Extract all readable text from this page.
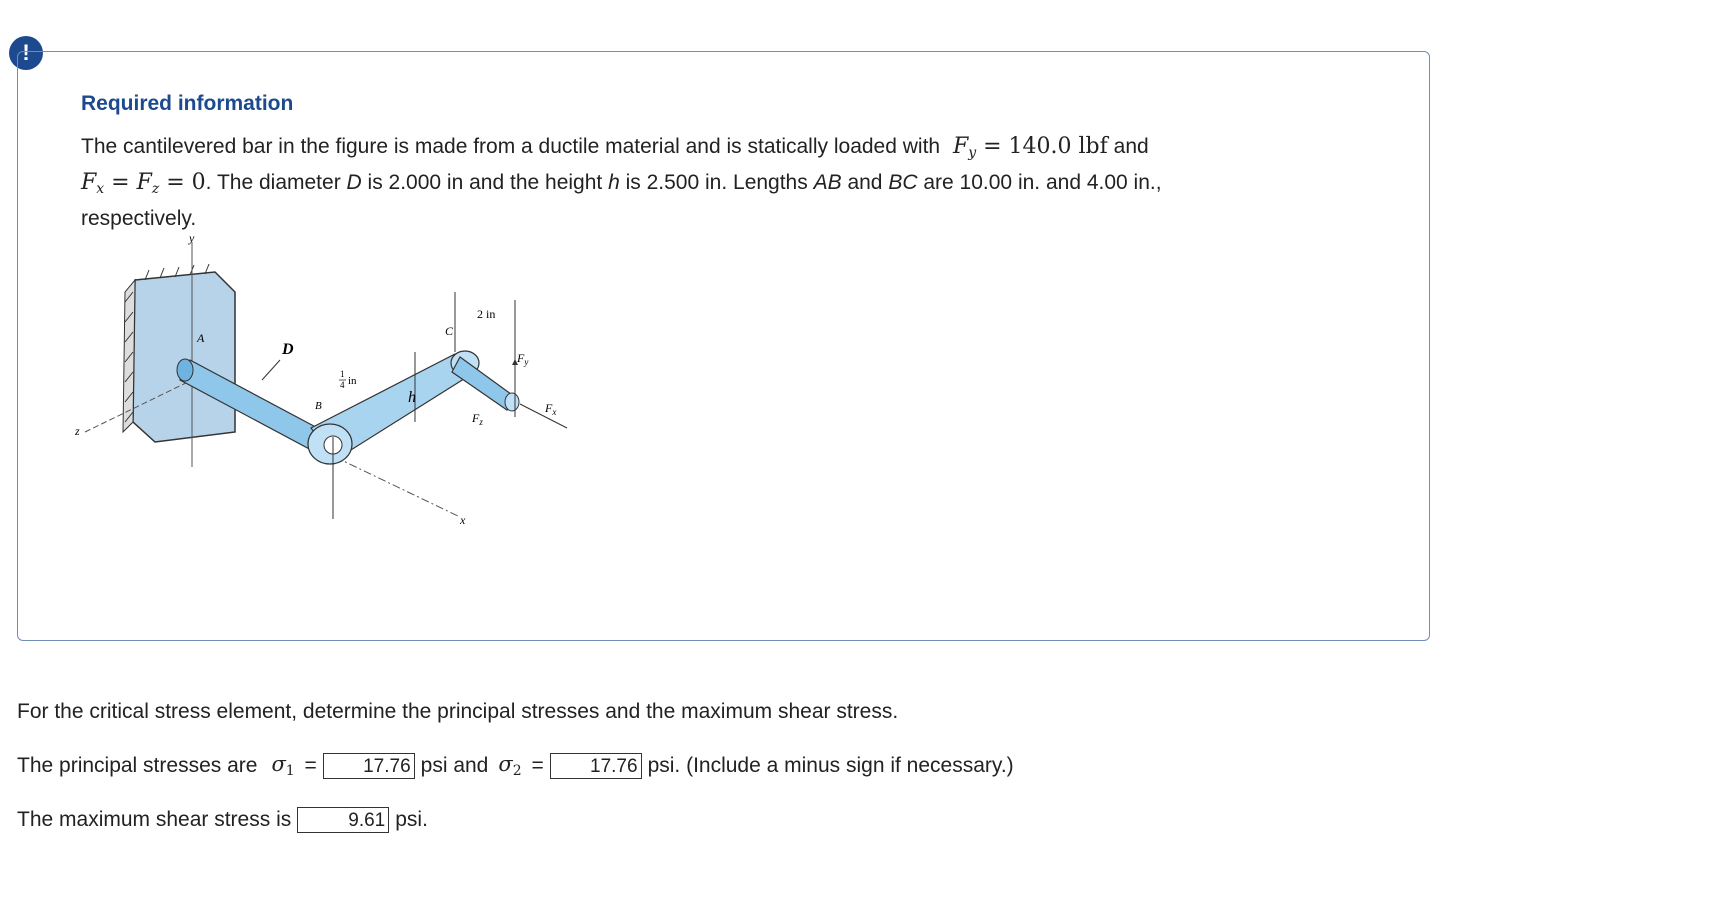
!
Required information
The cantilevered bar in the figure is made from a ductile material and is statically loaded with $F_y = 140.0$ lbf and
$F_x = F_z = 0$. The diameter D is 2.000 in and the height h is 2.500 in. Lengths AB and BC are 10.00 in. and 4.00 in.,
respectively.
y
z
x
A
D
B
C
h
1
4 in
2 in
$F_y$
$F_x$
$F_z$
For the critical stress element, determine the principal stresses and the maximum shear stress.
The principal stresses are $\sigma_1$ =	17.76 psi and $\sigma_2$ =	17.76 psi. (Include a minus sign if necessary.)
The maximum shear stress is	9.61 psi.
